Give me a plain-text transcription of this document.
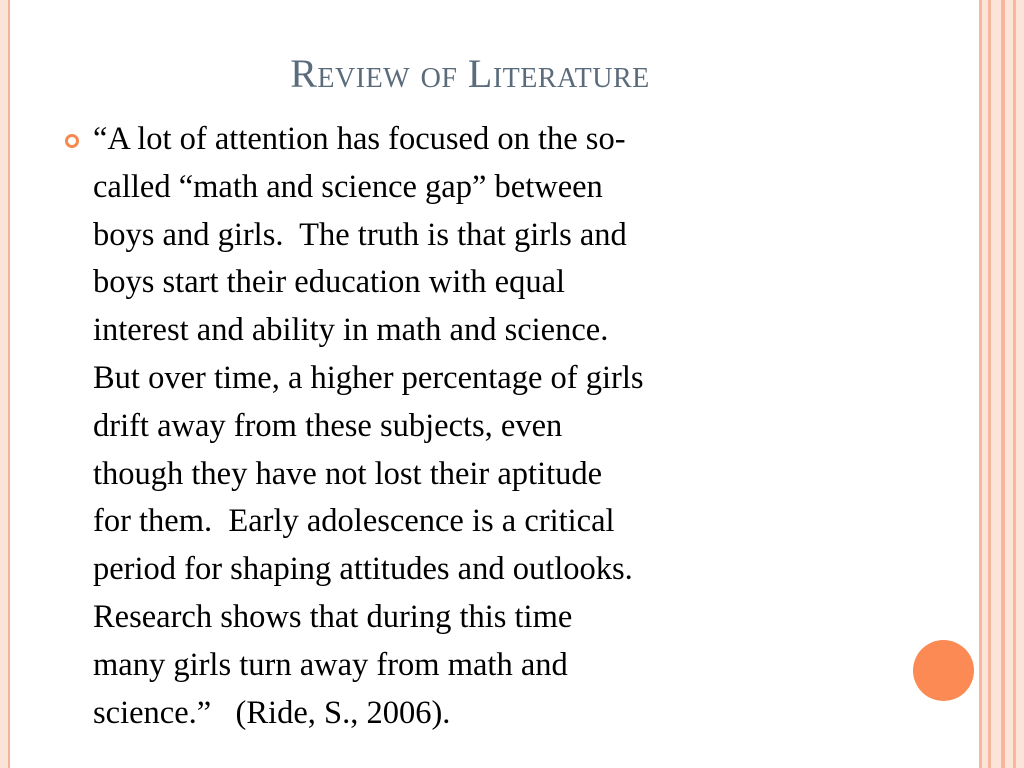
Review of Literature
“A lot of attention has focused on the so-
called “math and science gap” between
boys and girls.  The truth is that girls and
boys start their education with equal
interest and ability in math and science.
But over time, a higher percentage of girls
drift away from these subjects, even
though they have not lost their aptitude
for them.  Early adolescence is a critical
period for shaping attitudes and outlooks.
Research shows that during this time
many girls turn away from math and
science.”   (Ride, S., 2006).
